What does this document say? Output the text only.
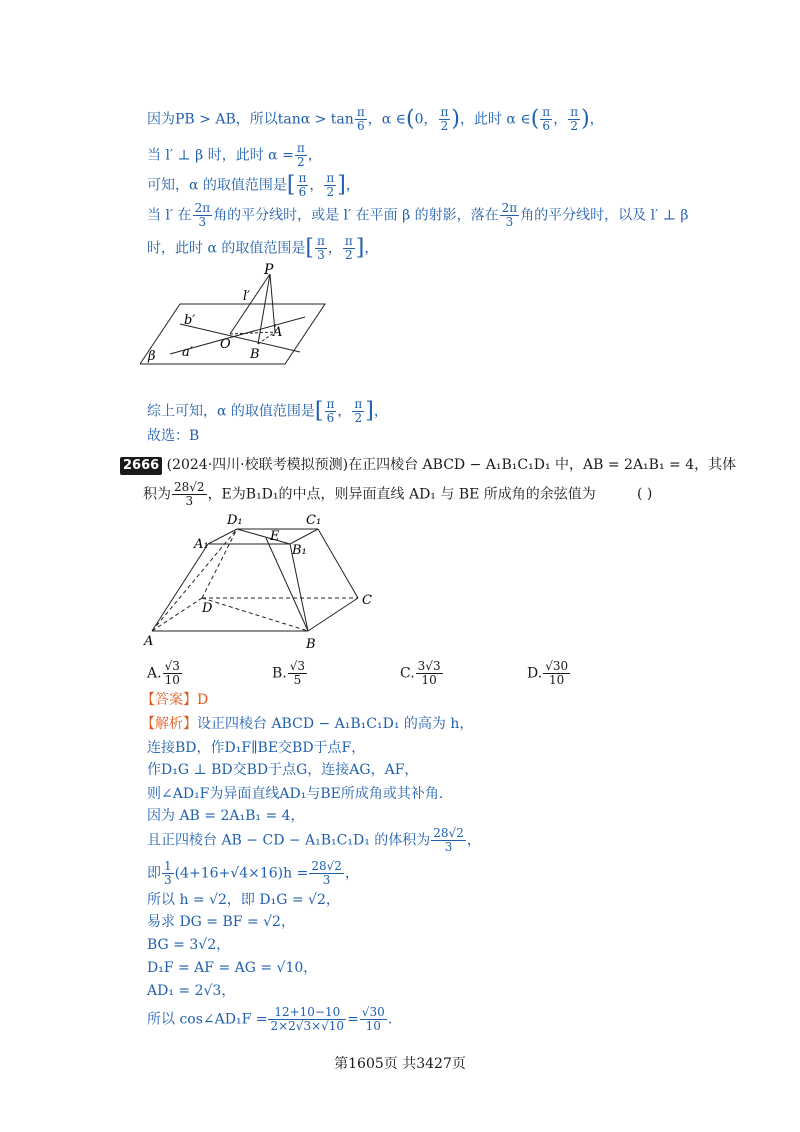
因为PB > AB，所以$\tan\alpha > \tan \frac{\pi}{6}$ ，α ∈(0， $\frac{\pi}{2}$ )，此时 α ∈( $\frac{\pi}{6}$ ， $\frac{\pi}{2}$ )，
当 l′ ⊥ β 时，此时 $\alpha = \frac{\pi}{2}$ ，
可知，α 的取值范围是[ $\frac{\pi}{6}$ ， $\frac{\pi}{2}$ ]，
当 l′ 在 $\frac{2\pi}{3}$ 角的平分线时，或是 l′ 在平面 β 的射影，落在 $\frac{2\pi}{3}$ 角的平分线时，以及 l′ ⊥ β
时，此时 α 的取值范围是[ $\frac{\pi}{3}$ ， $\frac{\pi}{2}$ ]，
P
l′
b′
A
O
a′	B
β
综上可知，α 的取值范围是[ $\frac{\pi}{6}$ ， $\frac{\pi}{2}$ ]，
故选：B
2666 (2024·四川·校联考模拟预测)在正四棱台 ABCD − A₁B₁C₁D₁ 中，AB = 2A₁B₁ = 4，其体
积为 $\frac{28√2}{3}$ ，E为B₁D₁的中点，则异面直线 AD₁ 与 BE 所成角的余弦值为	( )
D₁	C₁
A₁
E
B₁
D
C
A	B
A. $\frac{√3}{10}$	B. $\frac{√3}{5}$	C. $\frac{3√3}{10}$	D. $\frac{√30}{10}$
【答案】D
【解析】设正四棱台 ABCD − A₁B₁C₁D₁ 的高为 h，
连接BD，作D₁F∥BE交BD于点F，
作D₁G ⊥ BD交BD于点G，连接AG，AF，
则∠AD₁F为异面直线AD₁与BE所成角或其补角.
因为 AB = 2A₁B₁ = 4，
且正四棱台 AB − CD − A₁B₁C₁D₁ 的体积为 $\frac{28√2}{3}$ ，
即 $\frac{1}{3} (4+16+√4\times 16)h = \frac{28√2}{3}$ ，
所以 h = √2，即 D₁G = √2，
易求 DG = BF = √2，
BG = 3√2，
D₁F = AF = AG = √10，
AD₁ = 2√3，
所以 cos∠AD₁F = $\frac{12+10-10}{2\times 2√3\times√10} = \frac{√30}{10}$ .
第1605页 共3427页
